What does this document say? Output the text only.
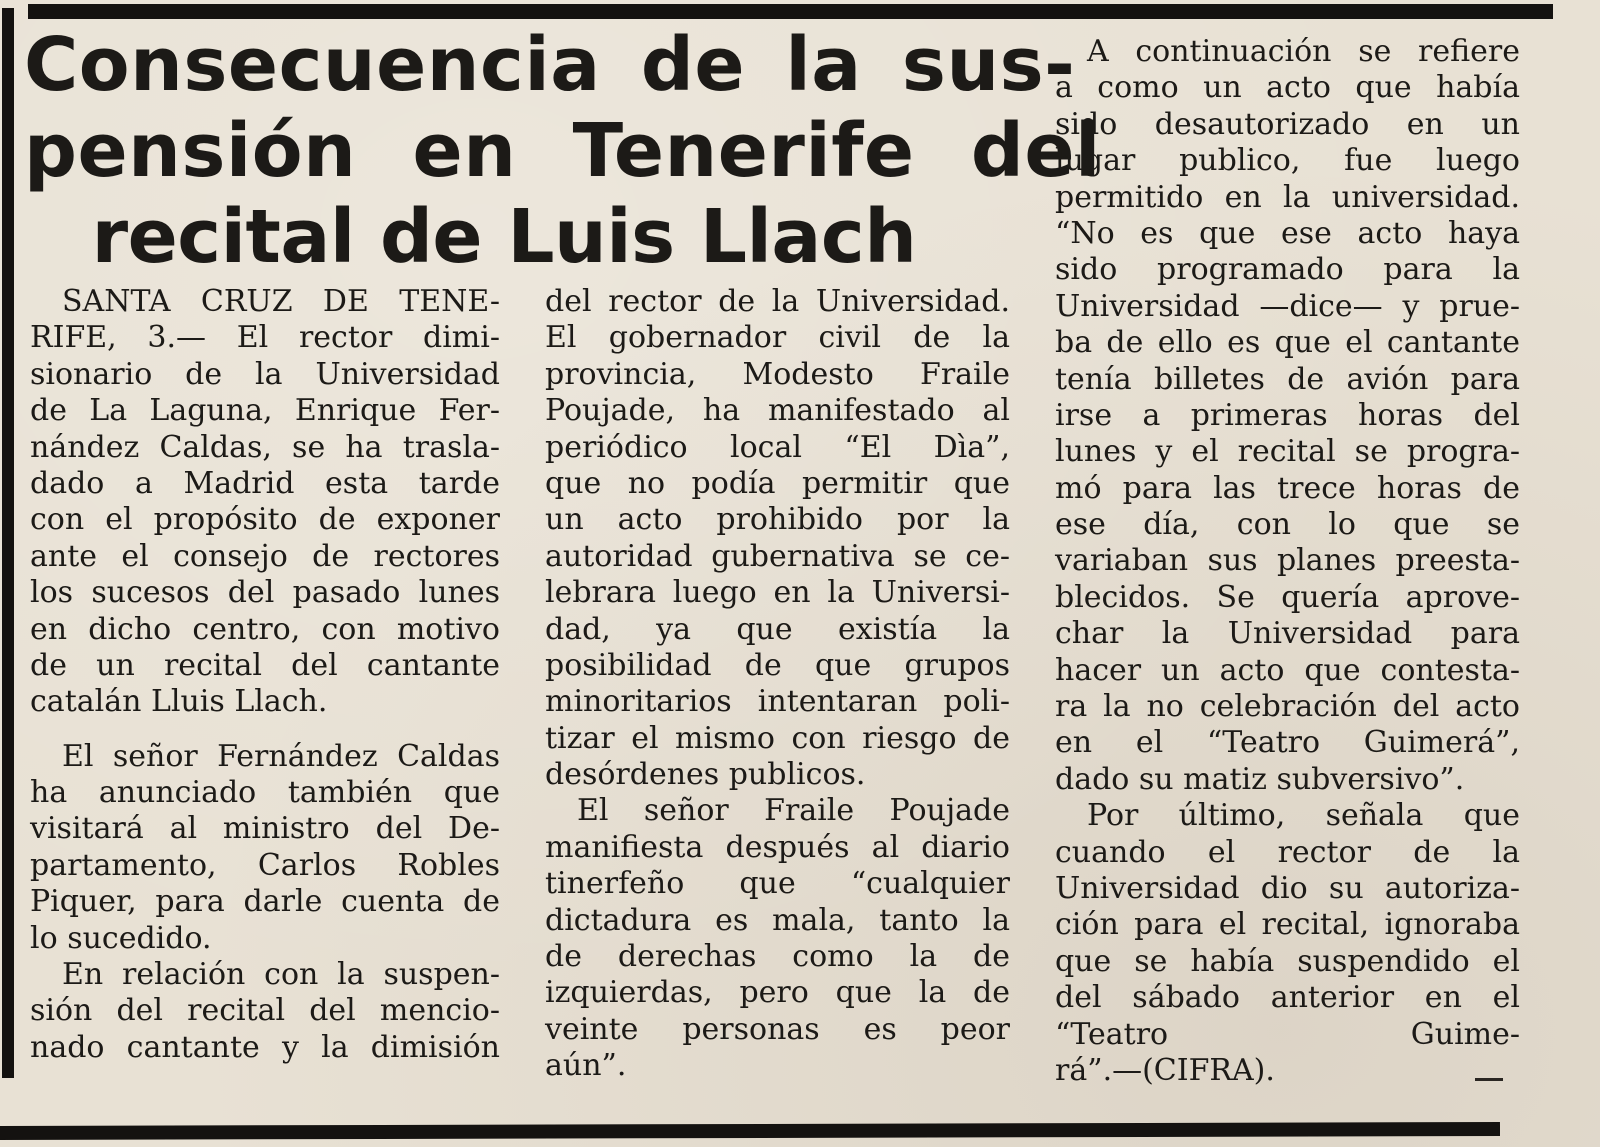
Consecuencia de la sus-
pensión en Tenerife del
recital de Luis Llach
SANTA CRUZ DE TENE-
RIFE, 3.— El rector dimi-
sionario de la Universidad
de La Laguna, Enrique Fer-
nández Caldas, se ha trasla-
dado a Madrid esta tarde
con el propósito de exponer
ante el consejo de rectores
los sucesos del pasado lunes
en dicho centro, con motivo
de un recital del cantante
catalán Lluis Llach.
El señor Fernández Caldas
ha anunciado también que
visitará al ministro del De-
partamento, Carlos Robles
Piquer, para darle cuenta de
lo sucedido.
En relación con la suspen-
sión del recital del mencio-
nado cantante y la dimisión
del rector de la Universidad.
El gobernador civil de la
provincia, Modesto Fraile
Poujade, ha manifestado al
periódico local “El Dìa”,
que no podía permitir que
un acto prohibido por la
autoridad gubernativa se ce-
lebrara luego en la Universi-
dad, ya que existía la
posibilidad de que grupos
minoritarios intentaran poli-
tizar el mismo con riesgo de
desórdenes publicos.
El señor Fraile Poujade
manifiesta después al diario
tinerfeño que “cualquier
dictadura es mala, tanto la
de derechas como la de
izquierdas, pero que la de
veinte personas es peor
aún”.
A continuación se refiere
a como un acto que había
sido desautorizado en un
lugar publico, fue luego
permitido en la universidad.
“No es que ese acto haya
sido programado para la
Universidad —dice— y prue-
ba de ello es que el cantante
tenía billetes de avión para
irse a primeras horas del
lunes y el recital se progra-
mó para las trece horas de
ese día, con lo que se
variaban sus planes preesta-
blecidos. Se quería aprove-
char la Universidad para
hacer un acto que contesta-
ra la no celebración del acto
en el “Teatro Guimerá”,
dado su matiz subversivo”.
Por último, señala que
cuando el rector de la
Universidad dio su autoriza-
ción para el recital, ignoraba
que se había suspendido el
del sábado anterior en el
“Teatro Guime-
rá”.—(CIFRA).
